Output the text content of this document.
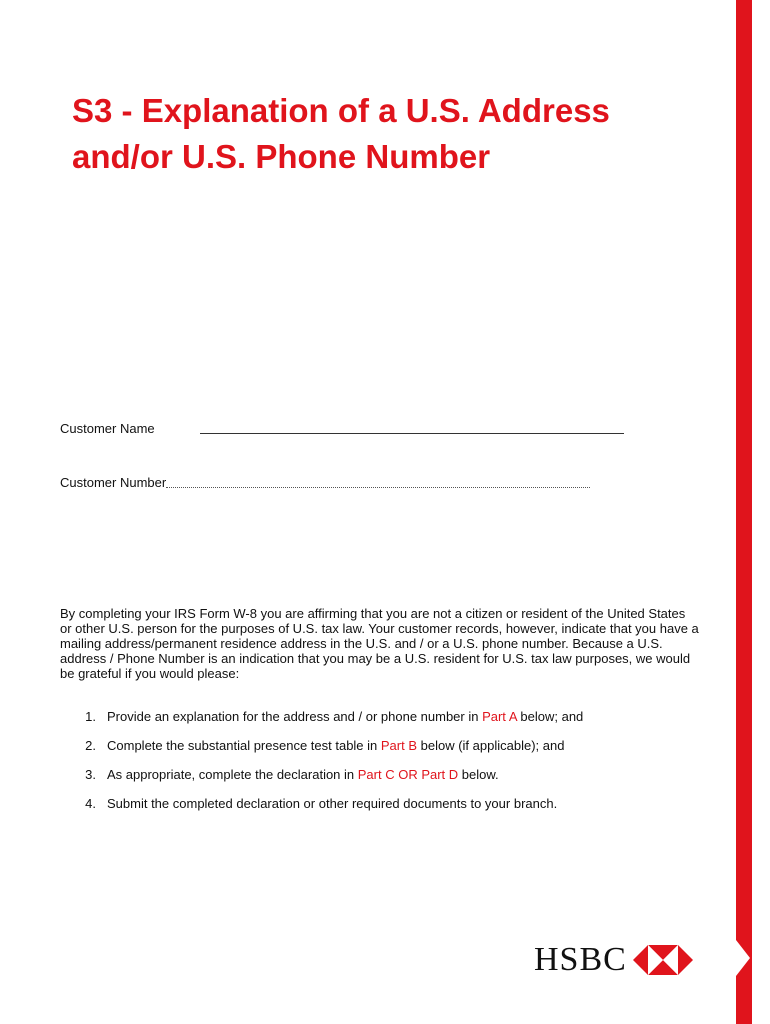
S3 - Explanation of a U.S. Address and/or U.S. Phone Number
Customer Name
Customer Number

By completing your IRS Form W-8 you are affirming that you are not a citizen or resident of the United States or other U.S. person for the purposes of U.S. tax law. Your customer records, however, indicate that you have a mailing address/permanent residence address in the U.S. and / or a U.S. phone number. Because a U.S. address / Phone Number is an indication that you may be a U.S. resident for U.S. tax law purposes, we would be grateful if you would please:

1. Provide an explanation for the address and / or phone number in Part A below; and
2. Complete the substantial presence test table in Part B below (if applicable); and
3. As appropriate, complete the declaration in Part C OR Part D below.
4. Submit the completed declaration or other required documents to your branch.
HSBC
